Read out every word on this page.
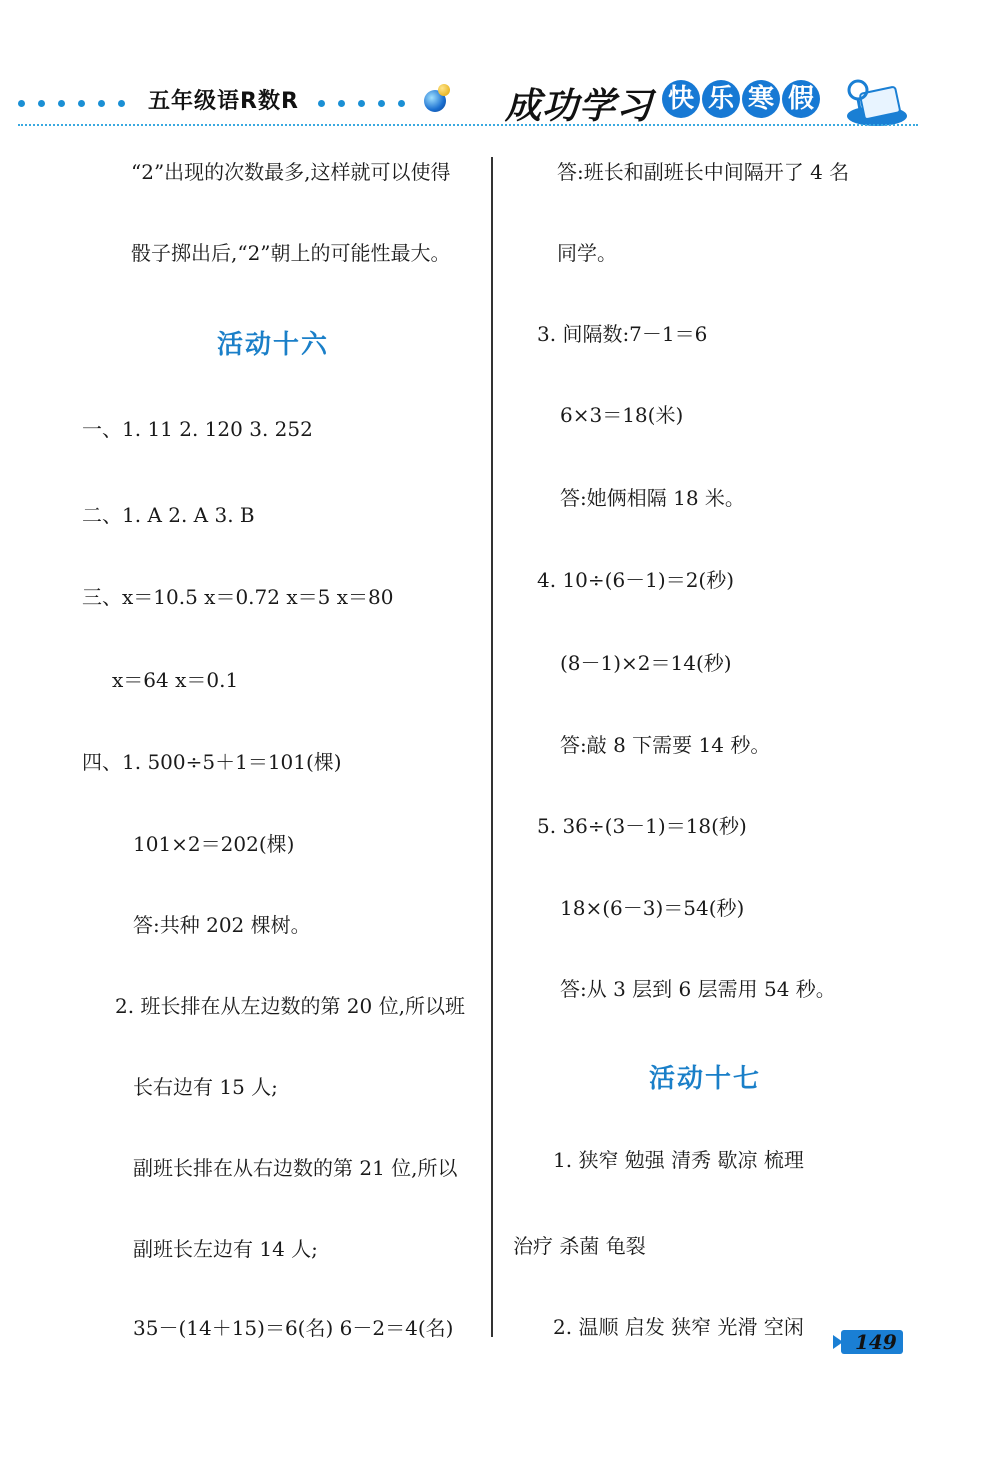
五年级语R数R	成功学习 快 乐 寒 假
“2”出现的次数最多,这样就可以使得
骰子掷出后,“2”朝上的可能性最大。
活动十六
一、1. 11 2. 120 3. 252
二、1. A 2. A 3. B
三、x＝10.5 x＝0.72 x＝5 x＝80
x＝64 x＝0.1
四、1. 500÷5＋1＝101(棵)
101×2＝202(棵)
答:共种 202 棵树。
2. 班长排在从左边数的第 20 位,所以班
长右边有 15 人;
副班长排在从右边数的第 21 位,所以
副班长左边有 14 人;
35－(14＋15)＝6(名) 6－2＝4(名)
答:班长和副班长中间隔开了 4 名
同学。
3. 间隔数:7－1＝6
6×3＝18(米)
答:她俩相隔 18 米。
4. 10÷(6－1)＝2(秒)
(8－1)×2＝14(秒)
答:敲 8 下需要 14 秒。
5. 36÷(3－1)＝18(秒)
18×(6－3)＝54(秒)
答:从 3 层到 6 层需用 54 秒。
活动十七
1. 狭窄 勉强 清秀 歇凉 梳理
治疗 杀菌 龟裂
2. 温顺 启发 狭窄 光滑 空闲
149
